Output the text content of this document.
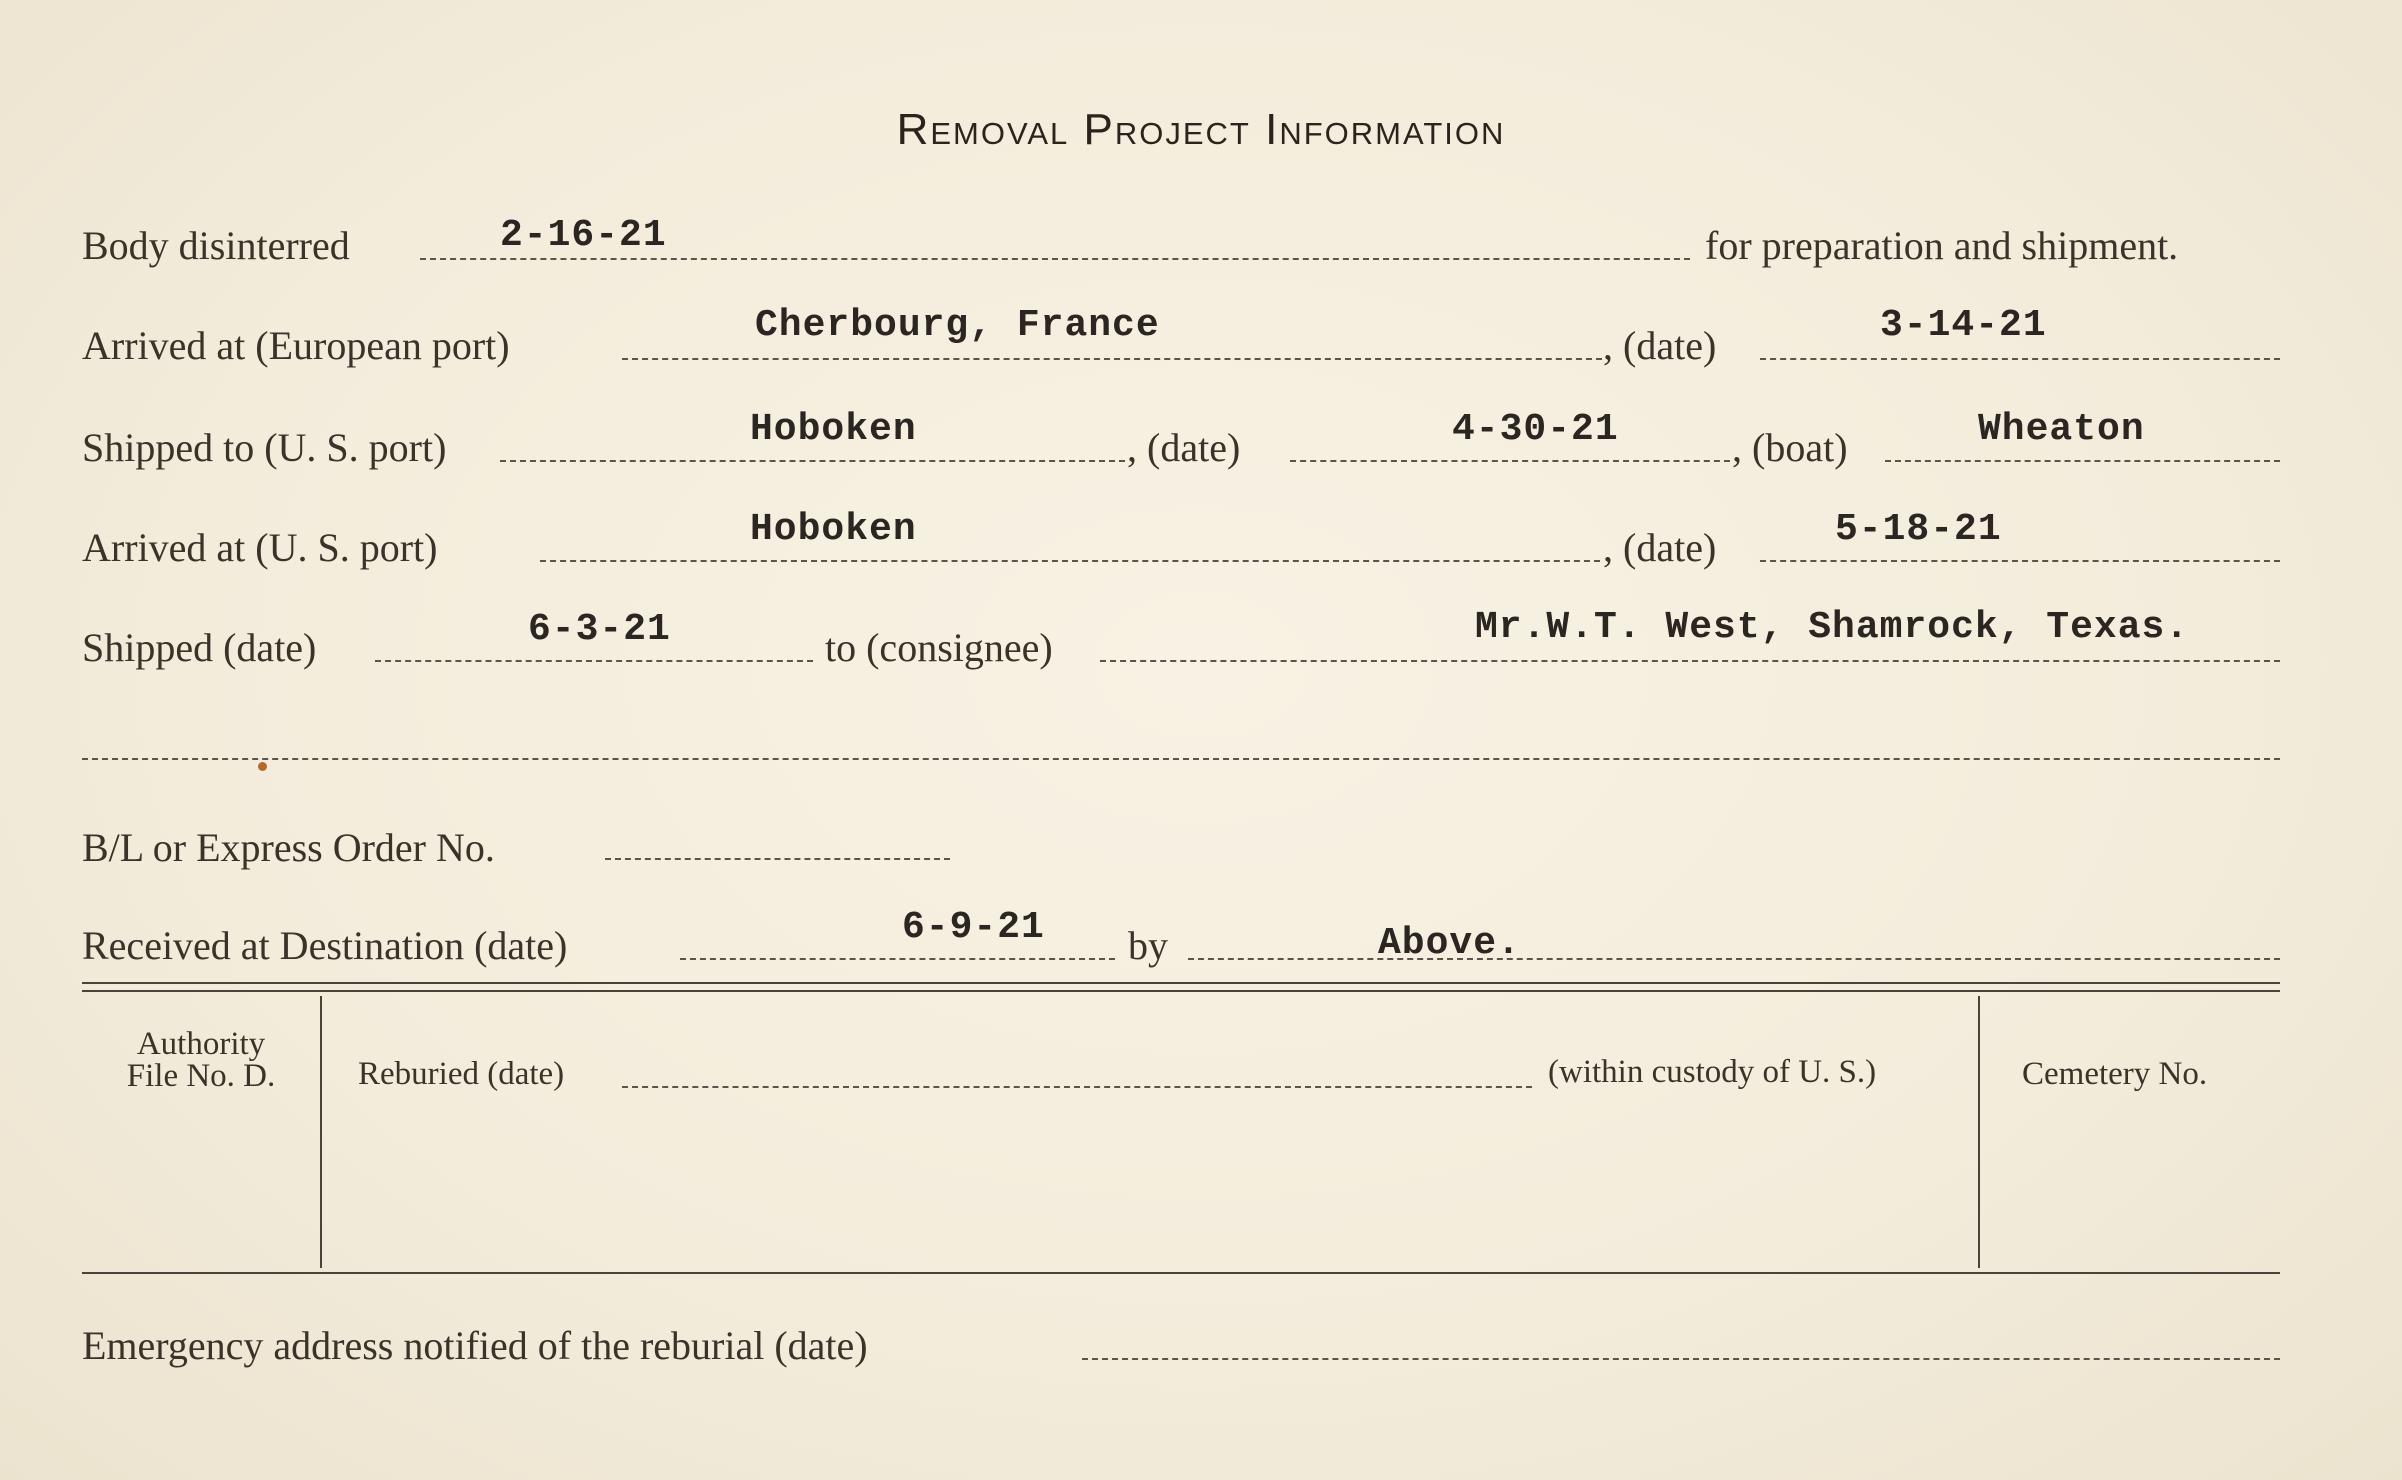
Removal Project Information
Body disinterred	2-16-21	for preparation and shipment.
Arrived at (European port)	Cherbourg, France	, (date)	3-14-21
Shipped to (U. S. port)	Hoboken	, (date)	4-30-21	, (boat)	Wheaton
Arrived at (U. S. port)	Hoboken	, (date)	5-18-21
Shipped (date)	6-3-21	to (consignee)	Mr.W.T. West, Shamrock, Texas.
B/L or Express Order No.
Received at Destination (date)	6-9-21 by	Above.
Authority
File No. D.	Reburied (date)	(within custody of U. S.)	Cemetery No.
Emergency address notified of the reburial (date)
